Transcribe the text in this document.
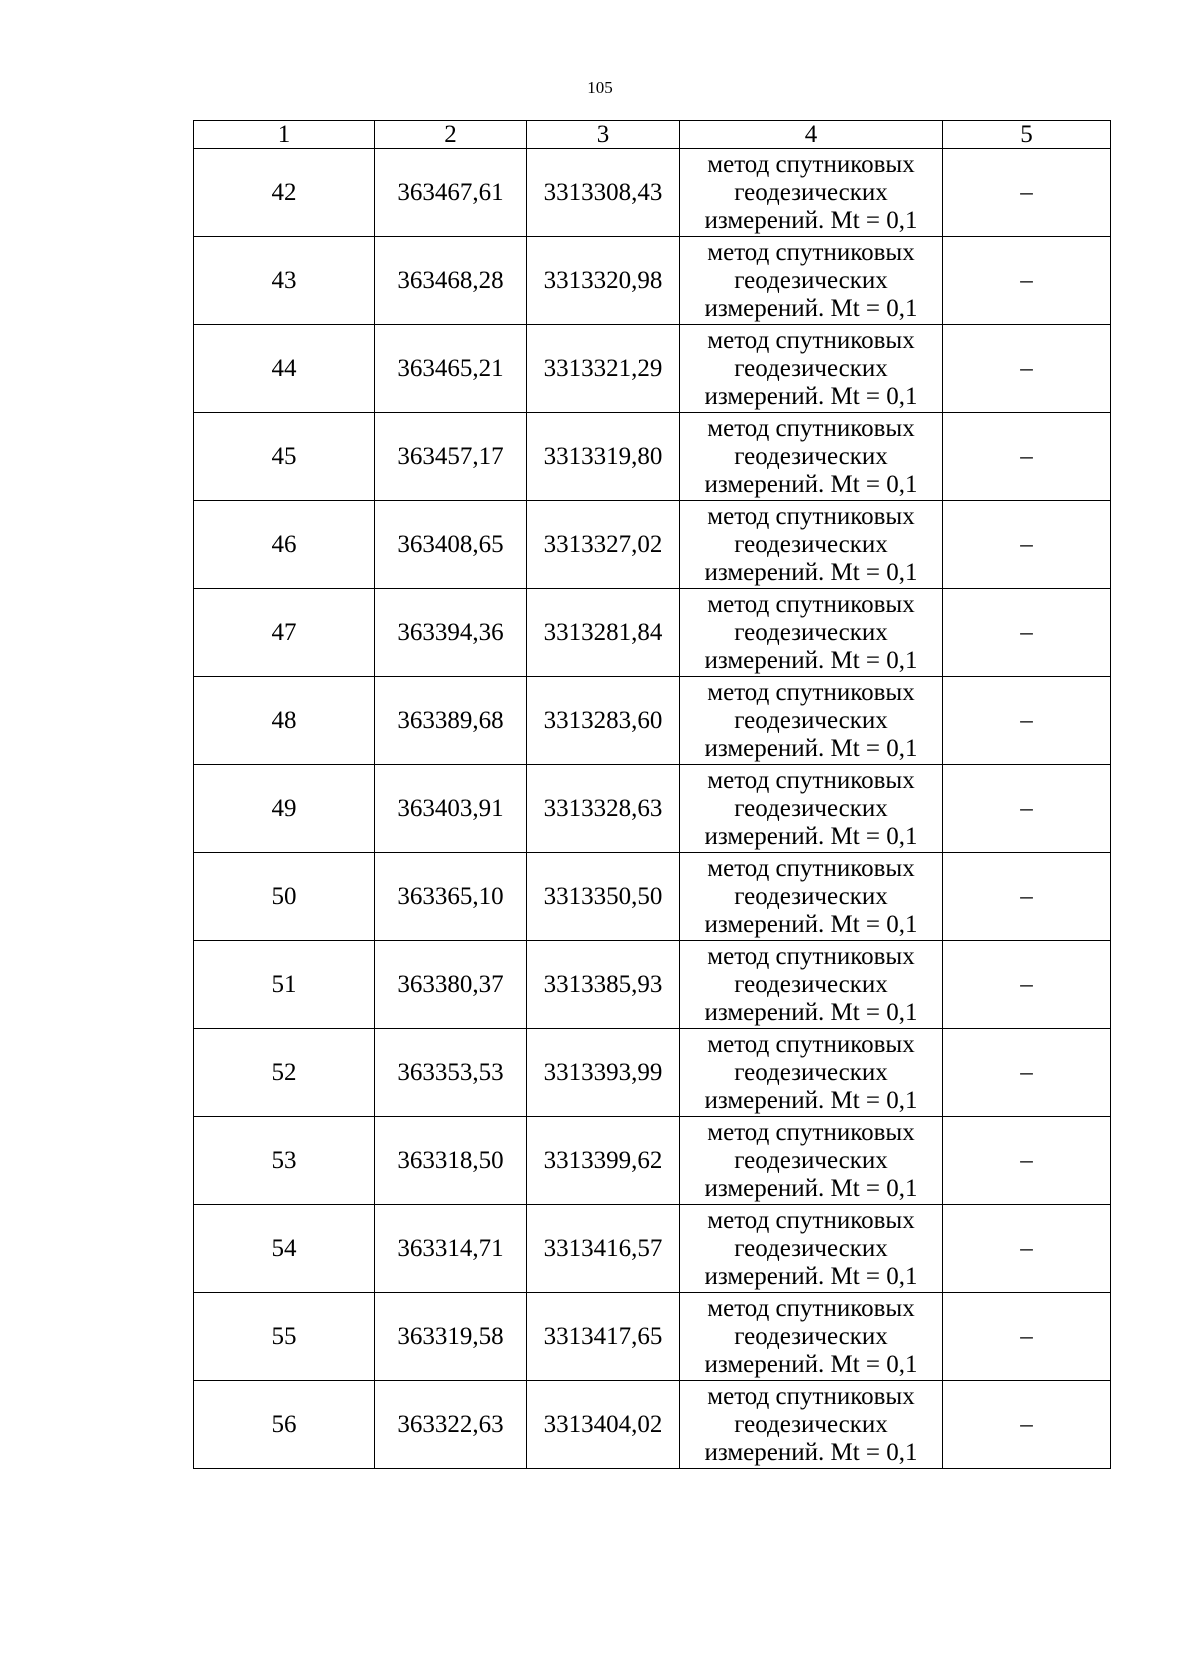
105
1	2	3	4	5
42	363467,61	3313308,43	метод спутниковых
геодезических
измерений. Mt = 0,1	–
43	363468,28	3313320,98	метод спутниковых
геодезических
измерений. Mt = 0,1	–
44	363465,21	3313321,29	метод спутниковых
геодезических
измерений. Mt = 0,1	–
45	363457,17	3313319,80	метод спутниковых
геодезических
измерений. Mt = 0,1	–
46	363408,65	3313327,02	метод спутниковых
геодезических
измерений. Mt = 0,1	–
47	363394,36	3313281,84	метод спутниковых
геодезических
измерений. Mt = 0,1	–
48	363389,68	3313283,60	метод спутниковых
геодезических
измерений. Mt = 0,1	–
49	363403,91	3313328,63	метод спутниковых
геодезических
измерений. Mt = 0,1	–
50	363365,10	3313350,50	метод спутниковых
геодезических
измерений. Mt = 0,1	–
51	363380,37	3313385,93	метод спутниковых
геодезических
измерений. Mt = 0,1	–
52	363353,53	3313393,99	метод спутниковых
геодезических
измерений. Mt = 0,1	–
53	363318,50	3313399,62	метод спутниковых
геодезических
измерений. Mt = 0,1	–
54	363314,71	3313416,57	метод спутниковых
геодезических
измерений. Mt = 0,1	–
55	363319,58	3313417,65	метод спутниковых
геодезических
измерений. Mt = 0,1	–
56	363322,63	3313404,02	метод спутниковых
геодезических
измерений. Mt = 0,1	–
